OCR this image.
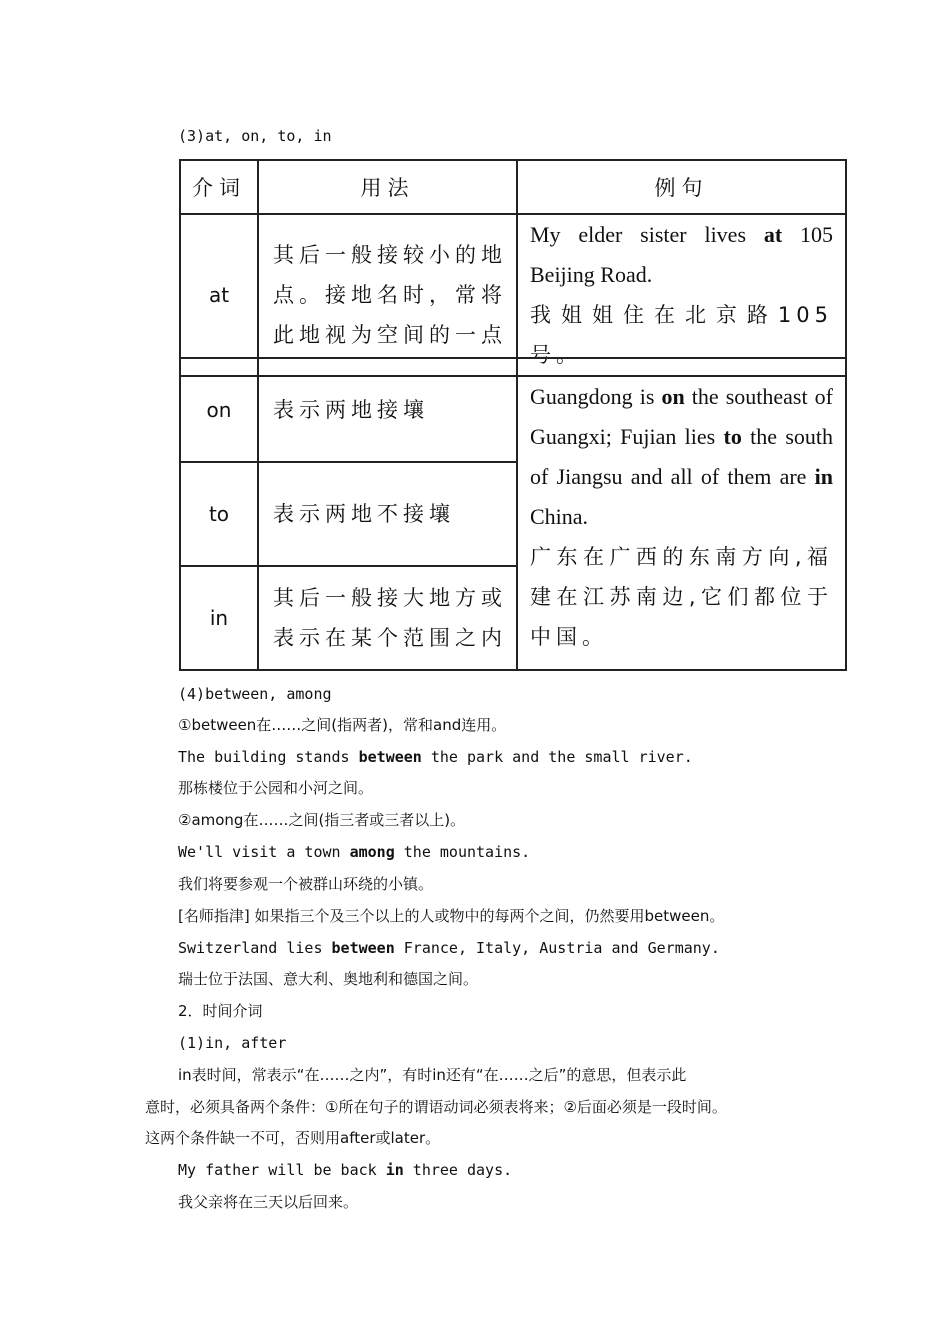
(3)at, on, to, in
介词	用法	例句
at	其后一般接较小的地点。接地名时，常将此地视为空间的一点	My elder sister lives at 105 Beijing Road.
我姐姐住在北京路105号。
on	表示两地接壤	Guangdong is on the southeast of Guangxi; Fujian lies to the south of Jiangsu and all of them are in China.
广东在广西的东南方向,福建在江苏南边,它们都位于中国。
to	表示两地不接壤	
in	其后一般接大地方或表示在某个范围之内	
(4)between, among
①between在……之间(指两者)，常和and连用。
The building stands between the park and the small river.
那栋楼位于公园和小河之间。
②among在……之间(指三者或三者以上)。
We'll visit a town among the mountains.
我们将要参观一个被群山环绕的小镇。
[名师指津] 如果指三个及三个以上的人或物中的每两个之间，仍然要用between。
Switzerland lies between France, Italy, Austria and Germany.
瑞士位于法国、意大利、奥地利和德国之间。
2．时间介词
(1)in, after
in表时间，常表示“在……之内”，有时in还有“在……之后”的意思，但表示此
意时，必须具备两个条件：①所在句子的谓语动词必须表将来；②后面必须是一段时间。
这两个条件缺一不可，否则用after或later。
My father will be back in three days.
我父亲将在三天以后回来。
